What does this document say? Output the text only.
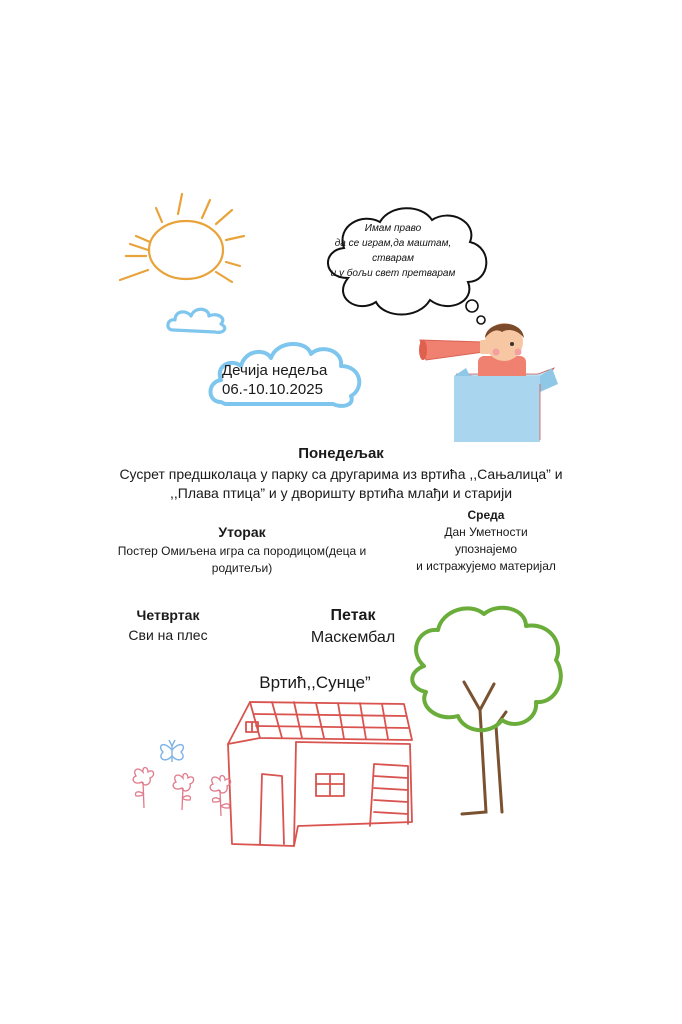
Имам право
да се играм,да маштам,
стварам
и у бољи свет претварам
Дечија недеља
06.-10.10.2025
Понедељак
Сусрет предшколаца у парку са другарима из вртића ,,Сањалица” и
,,Плава птица” и у дворишту вртића млађи и старији
Уторак
Постер Омиљена игра са породицом(деца и
родитељи)
Среда
Дан Уметности
упознајемо
и истражујемо материјал
Четвртак
Сви на плес
Петак
Маскембал
Вртић,,Сунце”
